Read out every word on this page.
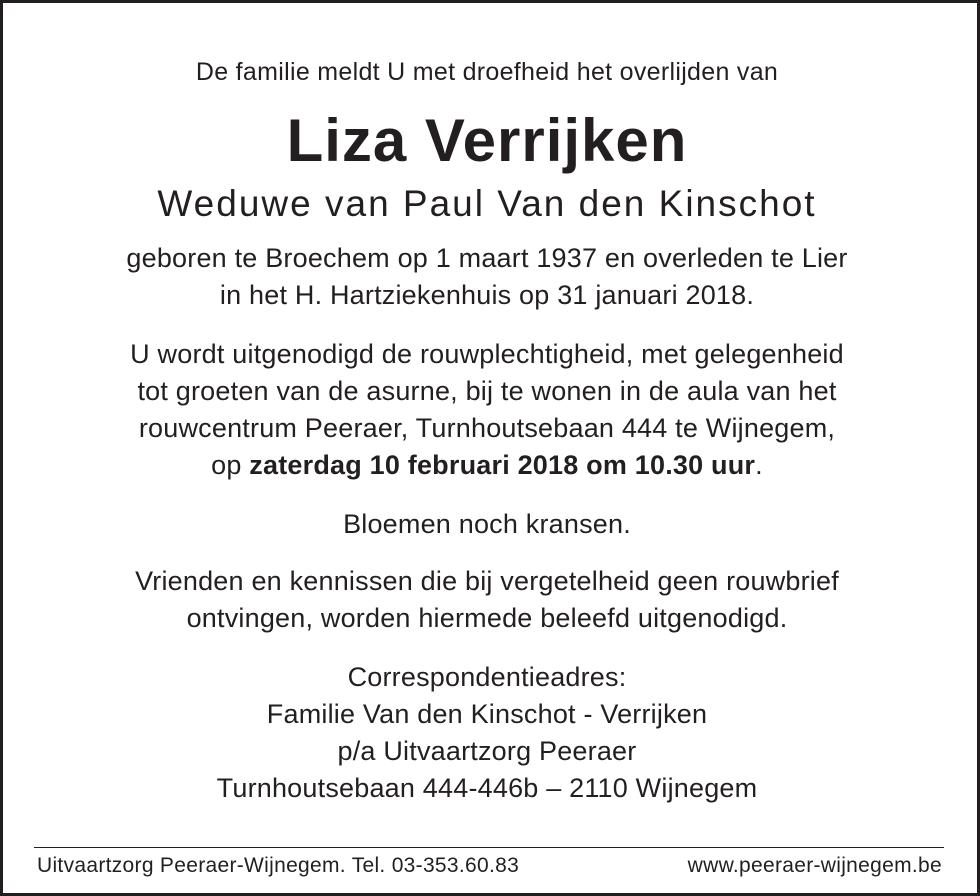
De familie meldt U met droefheid het overlijden van
Liza Verrijken
Weduwe van Paul Van den Kinschot
geboren te Broechem op 1 maart 1937 en overleden te Lier
in het H. Hartziekenhuis op 31 januari 2018.
U wordt uitgenodigd de rouwplechtigheid, met gelegenheid
tot groeten van de asurne, bij te wonen in de aula van het
rouwcentrum Peeraer, Turnhoutsebaan 444 te Wijnegem,
op zaterdag 10 februari 2018 om 10.30 uur.
Bloemen noch kransen.
Vrienden en kennissen die bij vergetelheid geen rouwbrief
ontvingen, worden hiermede beleefd uitgenodigd.
Correspondentieadres:
Familie Van den Kinschot - Verrijken
p/a Uitvaartzorg Peeraer
Turnhoutsebaan 444-446b – 2110 Wijnegem
Uitvaartzorg Peeraer-Wijnegem. Tel. 03-353.60.83	www.peeraer-wijnegem.be
